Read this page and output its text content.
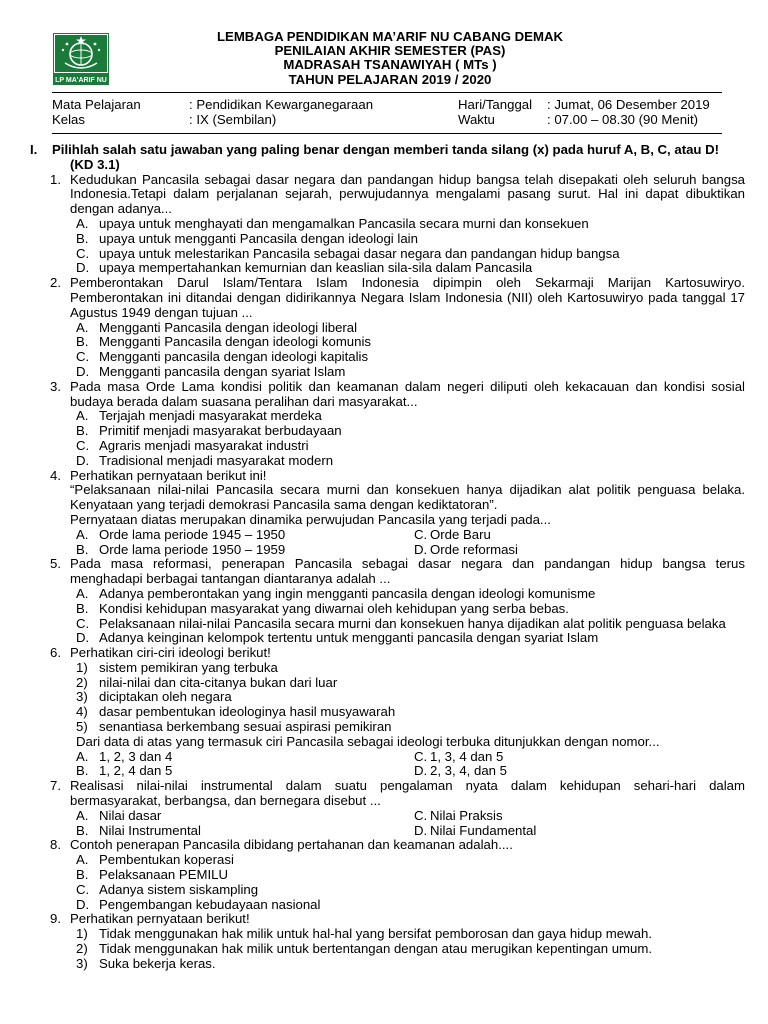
LP MA'ARIF NU
LEMBAGA PENDIDIKAN MA’ARIF NU CABANG DEMAK
PENILAIAN AKHIR SEMESTER (PAS)
MADRASAH TSANAWIYAH ( MTs )
TAHUN PELAJARAN 2019 / 2020
Mata Pelajaran	: Pendidikan Kewarganegaraan	Hari/Tanggal : Jumat, 06 Desember 2019
Kelas	: IX (Sembilan)	Waktu	: 07.00 – 08.30 (90 Menit)
I. Pilihlah salah satu jawaban yang paling benar dengan memberi tanda silang (x) pada huruf A, B, C, atau D!
(KD 3.1)
1. Kedudukan Pancasila sebagai dasar negara dan pandangan hidup bangsa telah disepakati oleh seluruh bangsa Indonesia.Tetapi dalam perjalanan sejarah, perwujudannya mengalami pasang surut. Hal ini dapat dibuktikan dengan adanya...
A. upaya untuk menghayati dan mengamalkan Pancasila secara murni dan konsekuen
B. upaya untuk mengganti Pancasila dengan ideologi lain
C. upaya untuk melestarikan Pancasila sebagai dasar negara dan pandangan hidup bangsa
D. upaya mempertahankan kemurnian dan keaslian sila-sila dalam Pancasila
2. Pemberontakan Darul Islam/Tentara Islam Indonesia dipimpin oleh Sekarmaji Marijan Kartosuwiryo. Pemberontakan ini ditandai dengan didirikannya Negara Islam Indonesia (NII) oleh Kartosuwiryo pada tanggal 17 Agustus 1949 dengan tujuan ...
A. Mengganti Pancasila dengan ideologi liberal
B. Mengganti Pancasila dengan ideologi komunis
C. Mengganti pancasila dengan ideologi kapitalis
D. Mengganti pancasila dengan syariat Islam
3. Pada masa Orde Lama kondisi politik dan keamanan dalam negeri diliputi oleh kekacauan dan kondisi sosial budaya berada dalam suasana peralihan dari masyarakat...
A. Terjajah menjadi masyarakat merdeka
B. Primitif menjadi masyarakat berbudayaan
C. Agraris menjadi masyarakat industri
D. Tradisional menjadi masyarakat modern
4. Perhatikan pernyataan berikut ini!
“Pelaksanaan nilai-nilai Pancasila secara murni dan konsekuen hanya dijadikan alat politik penguasa belaka. Kenyataan yang terjadi demokrasi Pancasila sama dengan kediktatoran”.
Pernyataan diatas merupakan dinamika perwujudan Pancasila yang terjadi pada...
A. Orde lama periode 1945 – 1950	C. Orde Baru
B. Orde lama periode 1950 – 1959	D. Orde reformasi
5. Pada masa reformasi, penerapan Pancasila sebagai dasar negara dan pandangan hidup bangsa terus menghadapi berbagai tantangan diantaranya adalah ...
A. Adanya pemberontakan yang ingin mengganti pancasila dengan ideologi komunisme
B. Kondisi kehidupan masyarakat yang diwarnai oleh kehidupan yang serba bebas.
C. Pelaksanaan nilai-nilai Pancasila secara murni dan konsekuen hanya dijadikan alat politik penguasa belaka
D. Adanya keinginan kelompok tertentu untuk mengganti pancasila dengan syariat Islam
6. Perhatikan ciri-ciri ideologi berikut!
1) sistem pemikiran yang terbuka
2) nilai-nilai dan cita-citanya bukan dari luar
3) diciptakan oleh negara
4) dasar pembentukan ideologinya hasil musyawarah
5) senantiasa berkembang sesuai aspirasi pemikiran
Dari data di atas yang termasuk ciri Pancasila sebagai ideologi terbuka ditunjukkan dengan nomor...
A. 1, 2, 3 dan 4	C. 1, 3, 4 dan 5
B. 1, 2, 4 dan 5	D. 2, 3, 4, dan 5
7. Realisasi nilai-nilai instrumental dalam suatu pengalaman nyata dalam kehidupan sehari-hari dalam bermasyarakat, berbangsa, dan bernegara disebut ...
A. Nilai dasar	C. Nilai Praksis
B. Nilai Instrumental	D. Nilai Fundamental
8. Contoh penerapan Pancasila dibidang pertahanan dan keamanan adalah....
A. Pembentukan koperasi
B. Pelaksanaan PEMILU
C. Adanya sistem siskampling
D. Pengembangan kebudayaan nasional
9. Perhatikan pernyataan berikut!
1) Tidak menggunakan hak milik untuk hal-hal yang bersifat pemborosan dan gaya hidup mewah.
2) Tidak menggunakan hak milik untuk bertentangan dengan atau merugikan kepentingan umum.
3) Suka bekerja keras.
